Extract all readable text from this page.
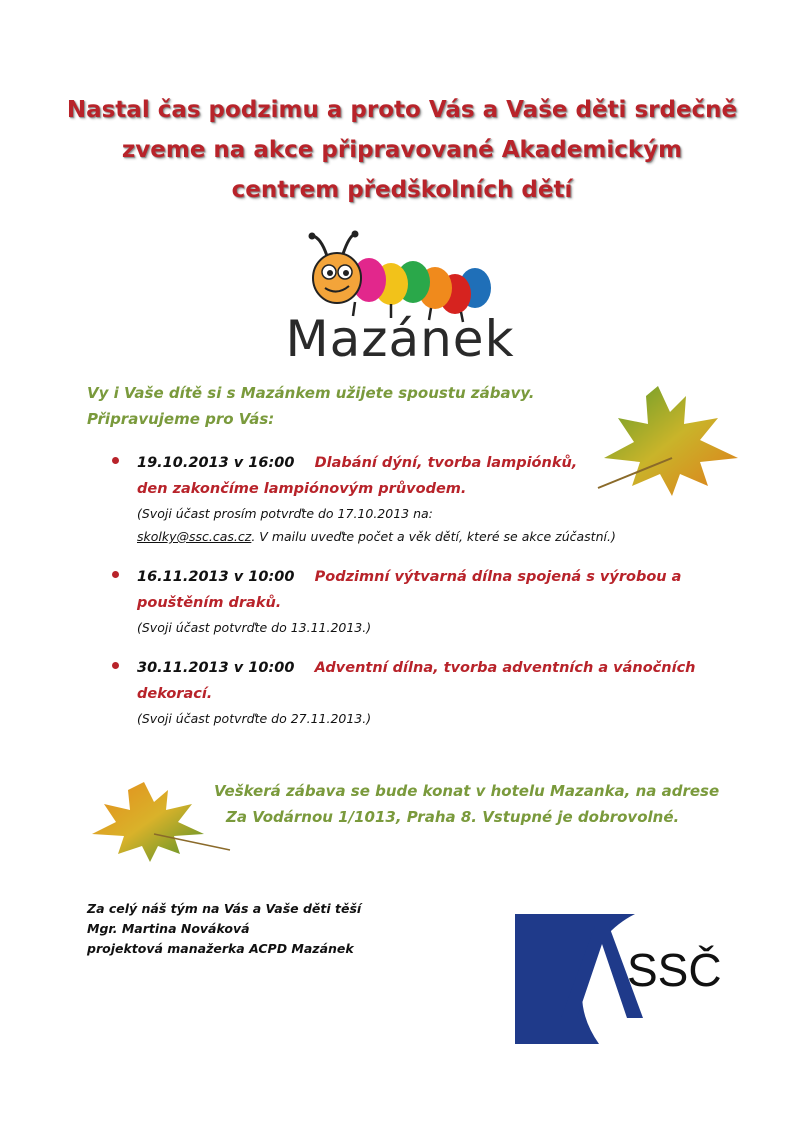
Nastal čas podzimu a proto Vás a Vaše děti srdečně
zveme na akce připravované Akademickým
centrem předškolních dětí
Mazánek
Vy i Vaše dítě si s Mazánkem užijete spoustu zábavy.
Připravujeme pro Vás:
19.10.2013 v 16:00 Dlabání dýní, tvorba lampiónků,
den zakončíme lampiónovým průvodem.
(Svoji účast prosím potvrďte do 17.10.2013 na:
skolky@ssc.cas.cz. V mailu uveďte počet a věk dětí, které se akce zúčastní.)
16.11.2013 v 10:00 Podzimní výtvarná dílna spojená s výrobou a
pouštěním draků.
(Svoji účast potvrďte do 13.11.2013.)
30.11.2013 v 10:00 Adventní dílna, tvorba adventních a vánočních
dekorací.
(Svoji účast potvrďte do 27.11.2013.)
Veškerá zábava se bude konat v hotelu Mazanka, na adrese
Za Vodárnou 1/1013, Praha 8. Vstupné je dobrovolné.
Za celý náš tým na Vás a Vaše děti těší
Mgr. Martina Nováková
projektová manažerka ACPD Mazánek	SSČ
